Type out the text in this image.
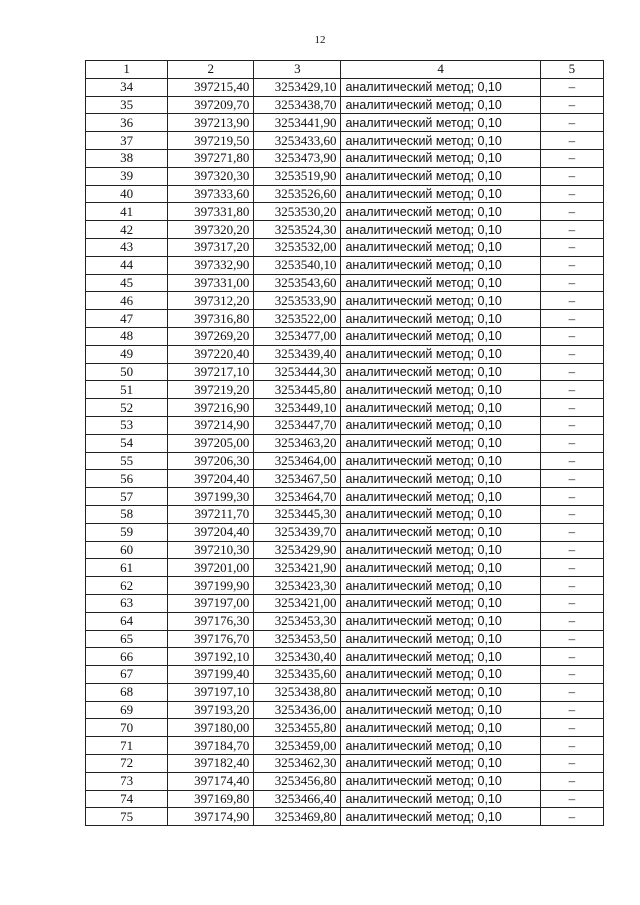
12
1	2	3	4	5
34	397215,40	3253429,10	аналитический метод; 0,10	–
35	397209,70	3253438,70	аналитический метод; 0,10	–
36	397213,90	3253441,90	аналитический метод; 0,10	–
37	397219,50	3253433,60	аналитический метод; 0,10	–
38	397271,80	3253473,90	аналитический метод; 0,10	–
39	397320,30	3253519,90	аналитический метод; 0,10	–
40	397333,60	3253526,60	аналитический метод; 0,10	–
41	397331,80	3253530,20	аналитический метод; 0,10	–
42	397320,20	3253524,30	аналитический метод; 0,10	–
43	397317,20	3253532,00	аналитический метод; 0,10	–
44	397332,90	3253540,10	аналитический метод; 0,10	–
45	397331,00	3253543,60	аналитический метод; 0,10	–
46	397312,20	3253533,90	аналитический метод; 0,10	–
47	397316,80	3253522,00	аналитический метод; 0,10	–
48	397269,20	3253477,00	аналитический метод; 0,10	–
49	397220,40	3253439,40	аналитический метод; 0,10	–
50	397217,10	3253444,30	аналитический метод; 0,10	–
51	397219,20	3253445,80	аналитический метод; 0,10	–
52	397216,90	3253449,10	аналитический метод; 0,10	–
53	397214,90	3253447,70	аналитический метод; 0,10	–
54	397205,00	3253463,20	аналитический метод; 0,10	–
55	397206,30	3253464,00	аналитический метод; 0,10	–
56	397204,40	3253467,50	аналитический метод; 0,10	–
57	397199,30	3253464,70	аналитический метод; 0,10	–
58	397211,70	3253445,30	аналитический метод; 0,10	–
59	397204,40	3253439,70	аналитический метод; 0,10	–
60	397210,30	3253429,90	аналитический метод; 0,10	–
61	397201,00	3253421,90	аналитический метод; 0,10	–
62	397199,90	3253423,30	аналитический метод; 0,10	–
63	397197,00	3253421,00	аналитический метод; 0,10	–
64	397176,30	3253453,30	аналитический метод; 0,10	–
65	397176,70	3253453,50	аналитический метод; 0,10	–
66	397192,10	3253430,40	аналитический метод; 0,10	–
67	397199,40	3253435,60	аналитический метод; 0,10	–
68	397197,10	3253438,80	аналитический метод; 0,10	–
69	397193,20	3253436,00	аналитический метод; 0,10	–
70	397180,00	3253455,80	аналитический метод; 0,10	–
71	397184,70	3253459,00	аналитический метод; 0,10	–
72	397182,40	3253462,30	аналитический метод; 0,10	–
73	397174,40	3253456,80	аналитический метод; 0,10	–
74	397169,80	3253466,40	аналитический метод; 0,10	–
75	397174,90	3253469,80	аналитический метод; 0,10	–
